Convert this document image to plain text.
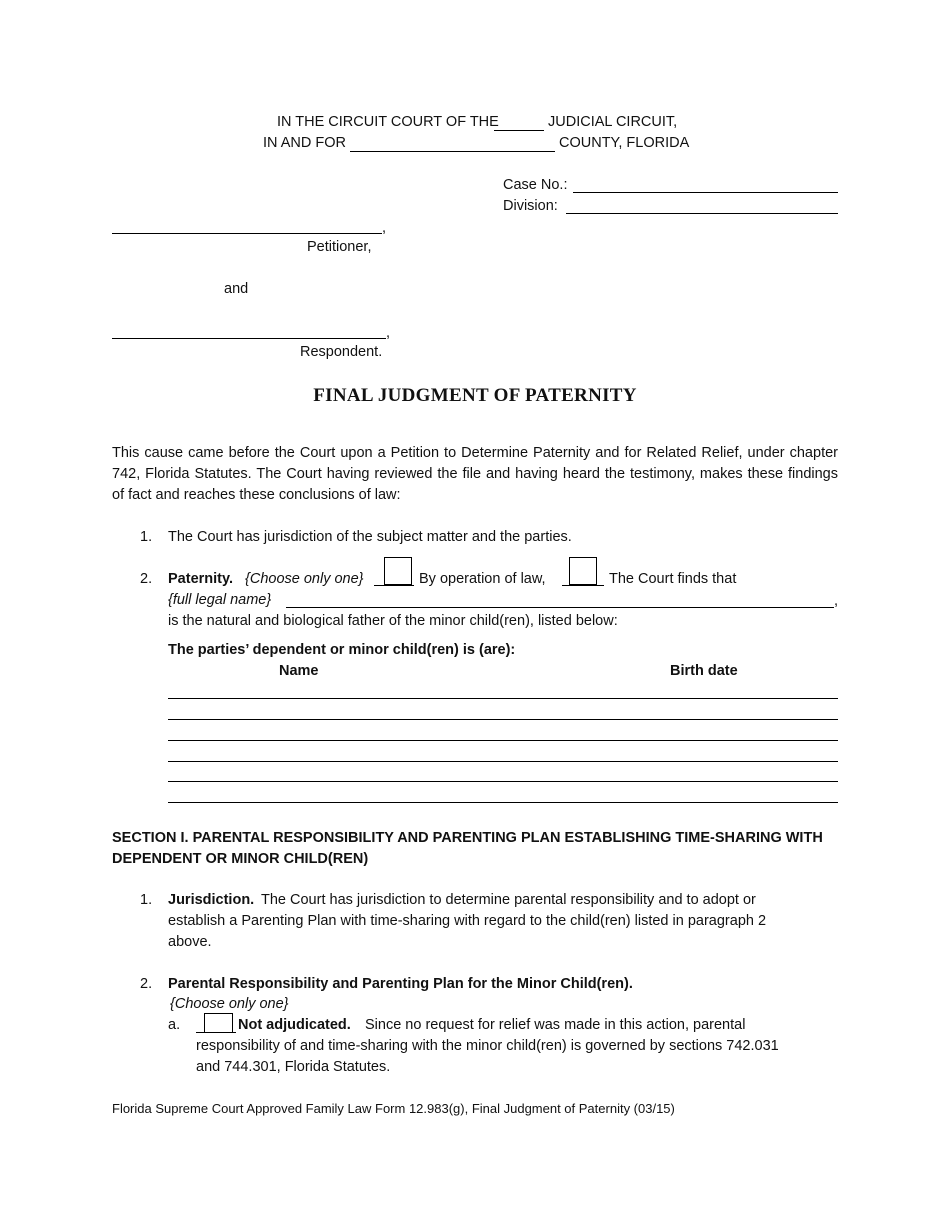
IN THE CIRCUIT COURT OF THE	JUDICIAL CIRCUIT,
IN AND FOR	COUNTY, FLORIDA
Case No.:
Division:
,
Petitioner,
and
,
Respondent.
FINAL JUDGMENT OF PATERNITY
This cause came before the Court upon a Petition to Determine Paternity and for Related Relief, under chapter 742, Florida Statutes. The Court having reviewed the file and having heard the testimony, makes these findings of fact and reaches these conclusions of law:
1. The Court has jurisdiction of the subject matter and the parties.
2. Paternity. {Choose only one}	By operation of law,	The Court finds that
{full legal name}	,
is the natural and biological father of the minor child(ren), listed below:
The parties’ dependent or minor child(ren) is (are):
Name	Birth date
SECTION I. PARENTAL RESPONSIBILITY AND PARENTING PLAN ESTABLISHING TIME-SHARING WITH
DEPENDENT OR MINOR CHILD(REN)
1. Jurisdiction. The Court has jurisdiction to determine parental responsibility and to adopt or
establish a Parenting Plan with time-sharing with regard to the child(ren) listed in paragraph 2
above.
2. Parental Responsibility and Parenting Plan for the Minor Child(ren).
{Choose only one}
a.	Not adjudicated. Since no request for relief was made in this action, parental
responsibility of and time-sharing with the minor child(ren) is governed by sections 742.031
and 744.301, Florida Statutes.
Florida Supreme Court Approved Family Law Form 12.983(g), Final Judgment of Paternity (03/15)
